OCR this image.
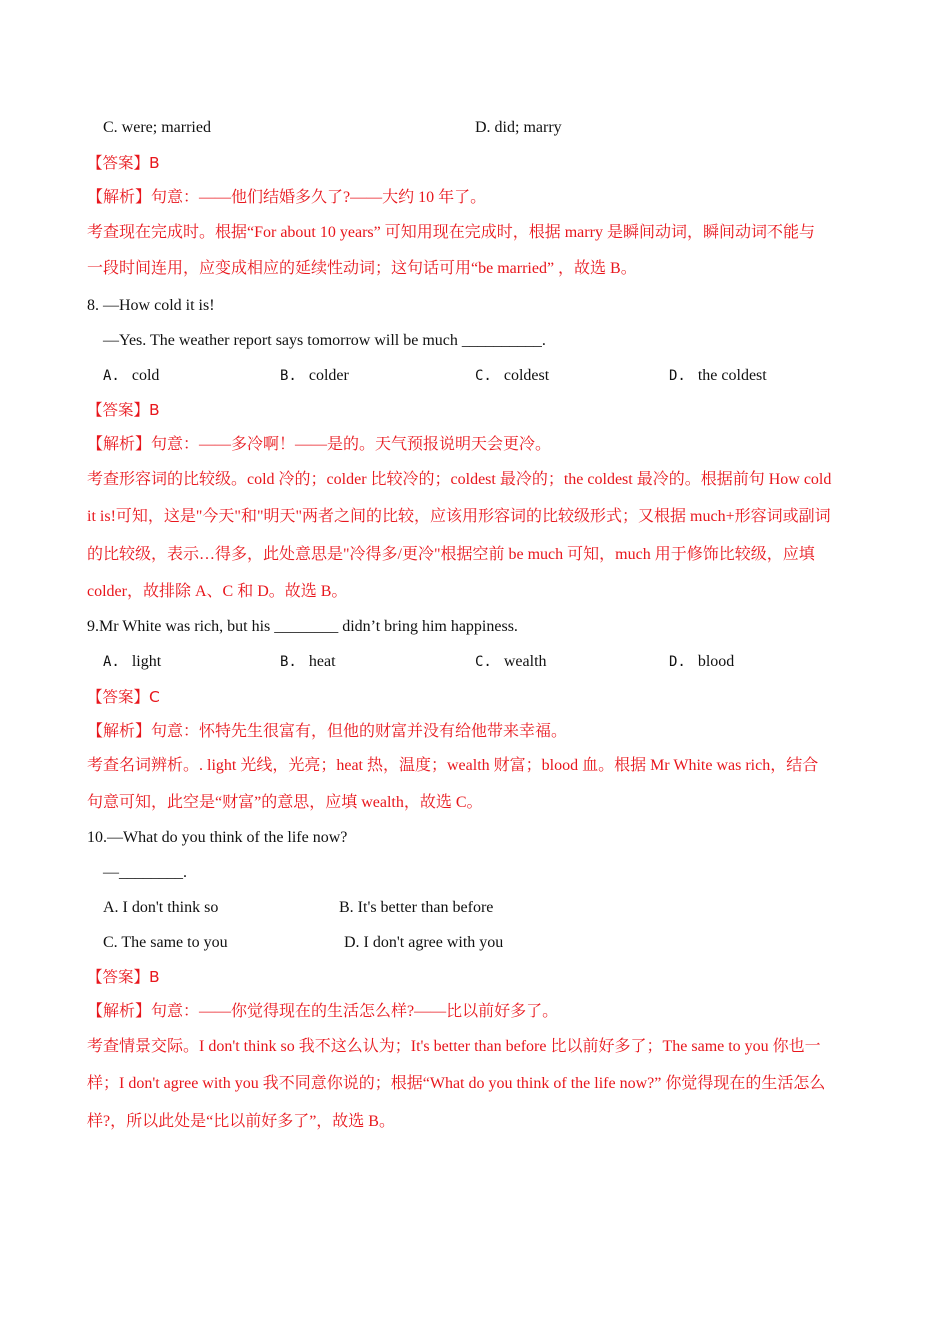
C. were; married	D. did; marry
【答案】B
【解析】句意：——他们结婚多久了?——大约 10 年了。
考查现在完成时。根据“For about 10 years” 可知用现在完成时，根据 marry 是瞬间动词，瞬间动词不能与
一段时间连用，应变成相应的延续性动词；这句话可用“be married” ，故选 B。
8. —How cold it is!
—Yes. The weather report says tomorrow will be much __________.
A. cold	B. colder	C. coldest	D. the coldest
【答案】B
【解析】句意：——多冷啊！——是的。天气预报说明天会更冷。
考查形容词的比较级。cold 冷的；colder 比较冷的；coldest 最冷的；the coldest 最冷的。根据前句 How cold
it is!可知，这是"今天"和"明天"两者之间的比较，应该用形容词的比较级形式；又根据 much+形容词或副词
的比较级，表示…得多，此处意思是"冷得多/更冷"根据空前 be much 可知，much 用于修饰比较级，应填
colder，故排除 A、C 和 D。故选 B。
9.Mr White was rich, but his ________ didn’t bring him happiness.
A. light	B. heat	C. wealth	D. blood
【答案】C
【解析】句意：怀特先生很富有，但他的财富并没有给他带来幸福。
考查名词辨析。. light 光线，光亮；heat 热，温度；wealth 财富；blood 血。根据 Mr White was rich，结合
句意可知，此空是“财富”的意思，应填 wealth，故选 C。
10.—What do you think of the life now?
—________.
A. I don't think so	B. It's better than before
C. The same to you	D. I don't agree with you
【答案】B
【解析】句意：——你觉得现在的生活怎么样?——比以前好多了。
考查情景交际。I don't think so 我不这么认为；It's better than before 比以前好多了；The same to you 你也一
样；I don't agree with you 我不同意你说的；根据“What do you think of the life now?” 你觉得现在的生活怎么
样?，所以此处是“比以前好多了”，故选 B。
